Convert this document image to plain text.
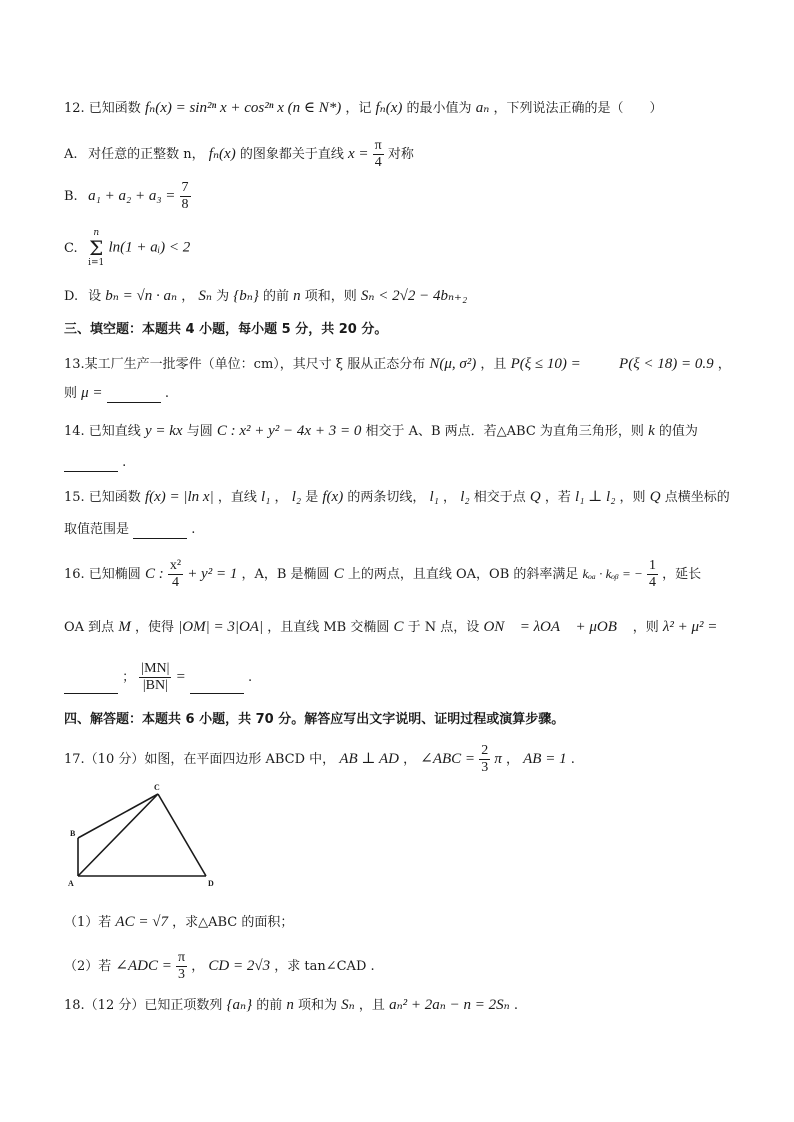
12. 已知函数 fₙ(x) = sin²ⁿ x + cos²ⁿ x (n ∈ N*) ，记 fₙ(x) 的最小值为 aₙ ，下列说法正确的是（　　）
A. 对任意的正整数 n， fₙ(x) 的图象都关于直线 $x = \frac{\pi}{4}$ 对称
B. $a_1 + a_2 + a_3 = \frac{7}{8}$
C.
n
Σ
i=1
ln(1 + aᵢ) < 2
D. 设 bₙ = √n · aₙ ， Sₙ 为 {bₙ} 的前 n 项和，则 Sₙ < 2√2 − 4bₙ₊₂
三、填空题：本题共 4 小题，每小题 5 分，共 20 分。
13.某工厂生产一批零件（单位：cm），其尺寸 ξ 服从正态分布 N(μ, σ²) ，且 P(ξ ≤ 10) =	P(ξ < 18) = 0.9 ，
则 μ =	.
14. 已知直线 y = kx 与圆 C : x² + y² − 4x + 3 = 0 相交于 A、B 两点．若△ABC 为直角三角形，则 k 的值为
.
15. 已知函数 f(x) = |ln x| ，直线 l₁ ， l₂ 是 f(x) 的两条切线， l₁ ， l₂ 相交于点 Q ，若 l₁ ⊥ l₂ ，则 Q 点横坐标的
取值范围是	.
16. 已知椭圆 C : $\frac{\text{x²}}{4} + y^2 = 1$ ，A，B 是椭圆 C 上的两点，且直线 OA，OB 的斜率满足 kₒₐ · kₒᵦ = − $\frac{1}{4}$ ，延长
OA 到点 M ，使得 |OM| = 3|OA| ，且直线 MB 交椭圆 C 于 N 点，设 ON⃗ = λOA⃗ + μOB⃗ ，则 λ² + μ² =
； $\frac{|MN|}{|BN|}$ =	.
四、解答题：本题共 6 小题，共 70 分。解答应写出文字说明、证明过程或演算步骤。
17.（10 分）如图，在平面四边形 ABCD 中， AB ⊥ AD ， ∠ABC = $\frac{2}{3}$ π ， AB = 1 .
B
A
C
D
（1）若 AC = √7 ，求△ABC 的面积；
（2）若 ∠ADC = $\frac{\pi}{3}$ ， CD = 2√3 ，求 tan∠CAD .
18.（12 分）已知正项数列 {aₙ} 的前 n 项和为 Sₙ ，且 aₙ² + 2aₙ − n = 2Sₙ .
